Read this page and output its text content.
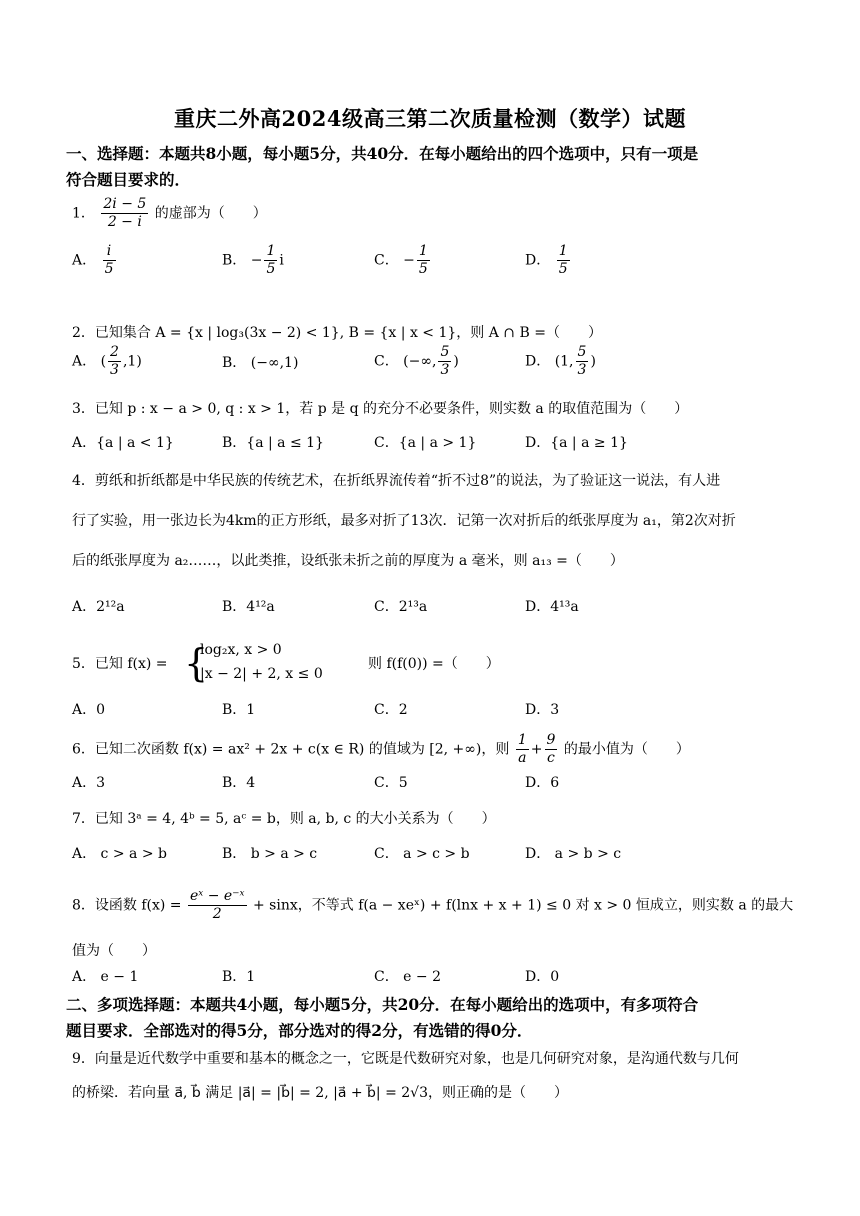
重庆二外高2024级高三第二次质量检测（数学）试题
一、选择题：本题共8小题，每小题5分，共40分．在每小题给出的四个选项中，只有一项是
符合题目要求的．
1． $\frac{2i - 5}{2 - i}$ 的虚部为（　　）
A． $\frac{i}{5}$	B． − $\frac{1}{5}$ i	C． − $\frac{1}{5}$	D． $\frac{1}{5}$
2．已知集合 A = {x | log₃(3x − 2) < 1}, B = {x | x < 1}，则 A ∩ B =（　　）
A． ( $\frac{2}{3} ,1$)	B． (−∞,1)	C． (−∞, $\frac{5}{3}$ )	D． (1, $\frac{5}{3}$ )
3．已知 p : x − a > 0, q : x > 1，若 p 是 q 的充分不必要条件，则实数 a 的取值范围为（　　）
A．{a | a < 1}	B．{a | a ≤ 1}	C．{a | a > 1}	D．{a | a ≥ 1}
4．剪纸和折纸都是中华民族的传统艺术，在折纸界流传着“折不过8”的说法，为了验证这一说法，有人进
行了实验，用一张边长为4km的正方形纸，最多对折了13次．记第一次对折后的纸张厚度为 a₁，第2次对折
后的纸张厚度为 a₂……，以此类推，设纸张未折之前的厚度为 a 毫米，则 a₁₃ =（　　）
A．2¹²a	B．4¹²a	C．2¹³a	D．4¹³a
5．已知 f(x) = {
log₂x, x > 0
|x − 2| + 2, x ≤ 0
则 f(f(0)) =（　　）
A．0	B．1	C．2	D．3
6．已知二次函数 f(x) = ax² + 2x + c(x ∈ R) 的值域为 [2, +∞)，则 $\frac{1}{a} + \frac{9}{c}$ 的最小值为（　　）
A．3	B．4	C．5	D．6
7．已知 3ᵃ = 4, 4ᵇ = 5, aᶜ = b，则 a, b, c 的大小关系为（　　）
A． c > a > b	B． b > a > c	C． a > c > b	D． a > b > c
8．设函数 $f(x) = \frac{\text{eˣ − e⁻ˣ}}{2} + \sin x$，不等式 f(a − xeˣ) + f(lnx + x + 1) ≤ 0 对 x > 0 恒成立，则实数 a 的最大
值为（　　）
A． e − 1	B．1	C． e − 2	D．0
二、多项选择题：本题共4小题，每小题5分，共20分．在每小题给出的选项中，有多项符合
题目要求．全部选对的得5分，部分选对的得2分，有选错的得0分．
9．向量是近代数学中重要和基本的概念之一，它既是代数研究对象，也是几何研究对象，是沟通代数与几何
的桥梁．若向量 a⃗, b⃗ 满足 |a⃗| = |b⃗| = 2, |a⃗ + b⃗| = 2√3，则正确的是（　　）
